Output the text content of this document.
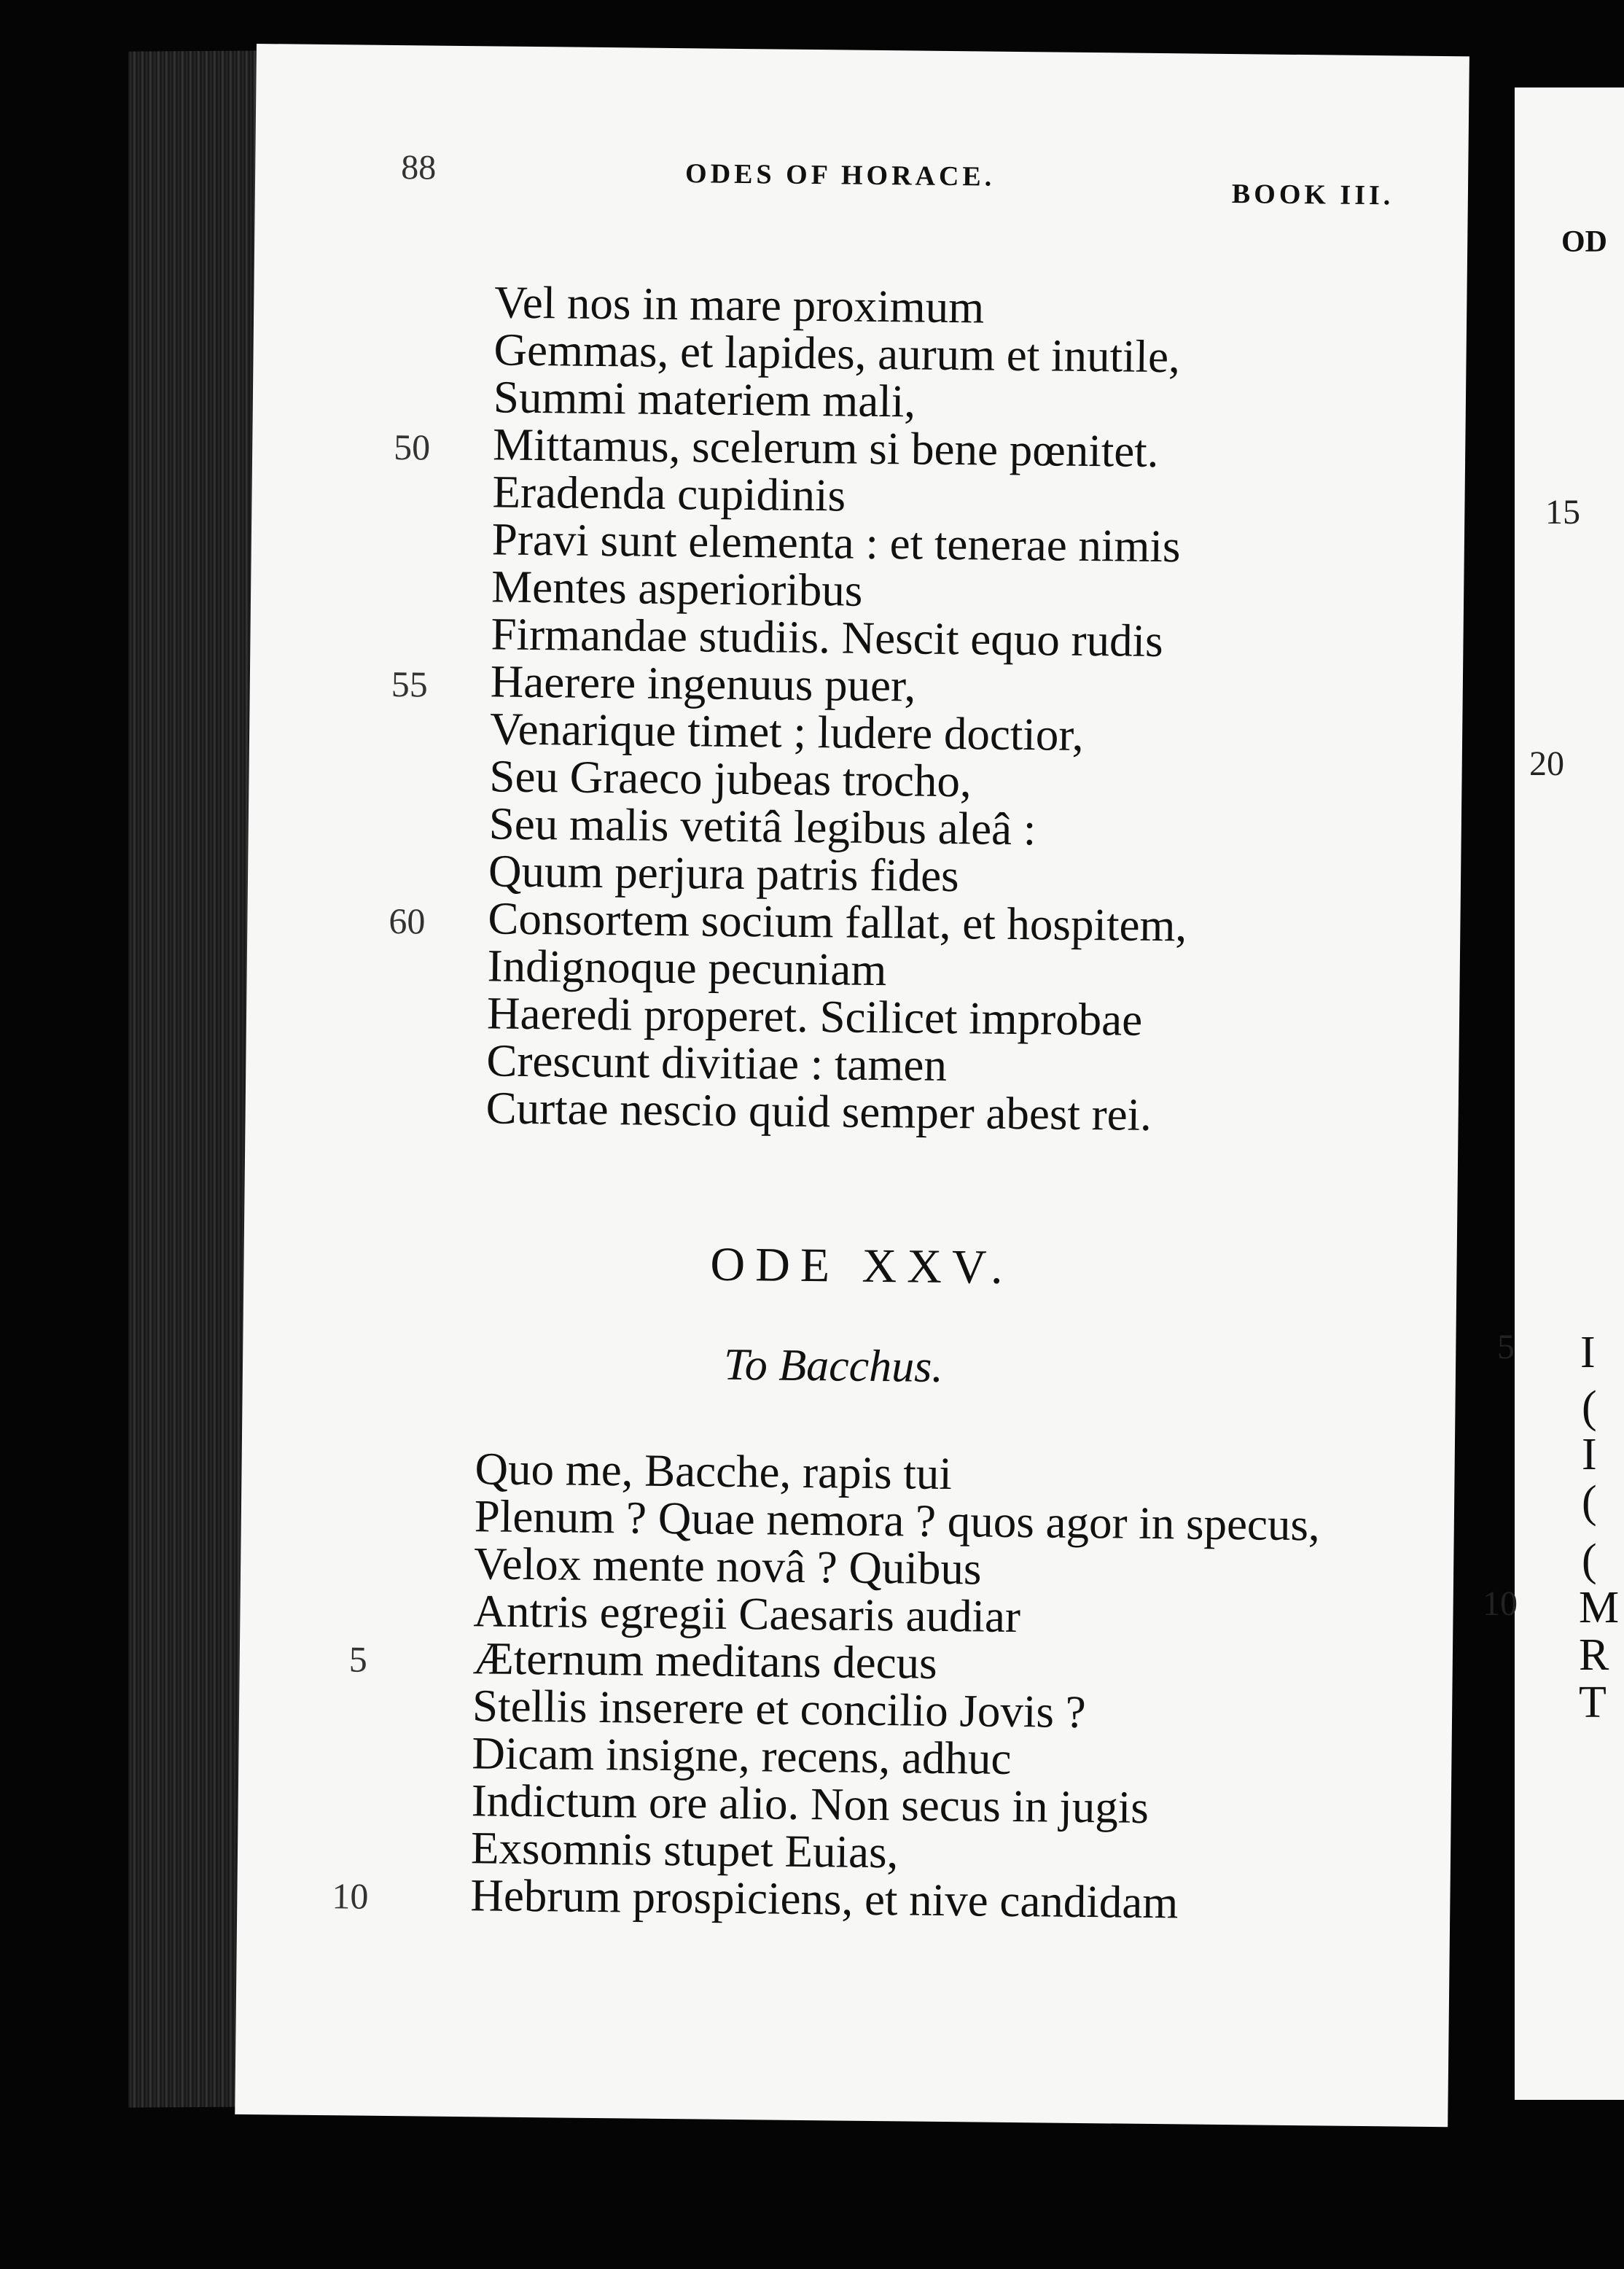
OD
15
20
5
10
I
(
I
(
(
M
R
T
88	ODES OF HORACE.
BOOK III.
Vel nos in mare proximum
Gemmas, et lapides, aurum et inutile,
Summi materiem mali,
Mittamus, scelerum si bene pœnitet.
Eradenda cupidinis
Pravi sunt elementa : et tenerae nimis
Mentes asperioribus
Firmandae studiis. Nescit equo rudis
Haerere ingenuus puer,
Venarique timet ; ludere doctior,
Seu Graeco jubeas trocho,
Seu malis vetitâ legibus aleâ :
Quum perjura patris fides
Consortem socium fallat, et hospitem,
Indignoque pecuniam
Haeredi properet. Scilicet improbae
Crescunt divitiae : tamen
Curtae nescio quid semper abest rei.
50
55
60
ODE XXV.
To Bacchus.
Quo me, Bacche, rapis tui
Plenum ? Quae nemora ? quos agor in specus,
Velox mente novâ ? Quibus
Antris egregii Caesaris audiar
Æternum meditans decus
Stellis inserere et concilio Jovis ?
Dicam insigne, recens, adhuc
Indictum ore alio. Non secus in jugis
Exsomnis stupet Euias,
Hebrum prospiciens, et nive candidam
5
10
